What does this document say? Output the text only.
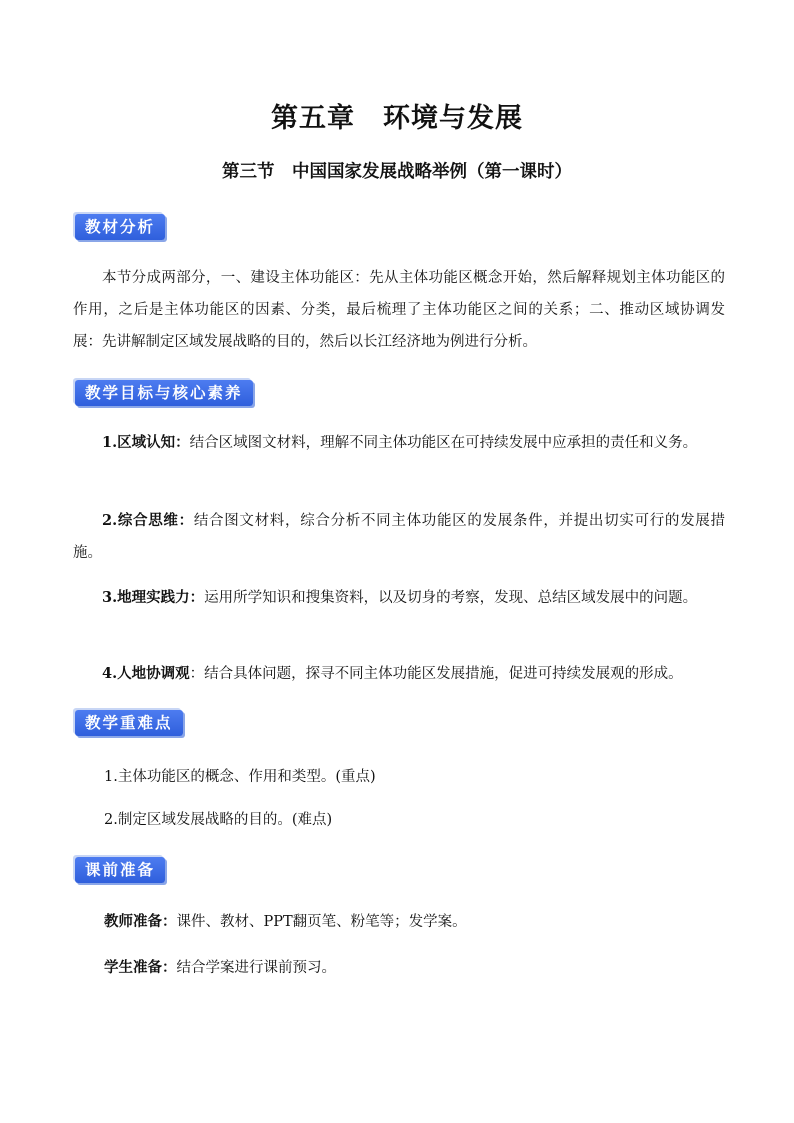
第五章　环境与发展
第三节　中国国家发展战略举例（第一课时）
教材分析
本节分成两部分，一、建设主体功能区：先从主体功能区概念开始，然后解释规划主体功能区的作用，之后是主体功能区的因素、分类，最后梳理了主体功能区之间的关系；二、推动区域协调发展：先讲解制定区域发展战略的目的，然后以长江经济地为例进行分析。
教学目标与核心素养
1.区域认知：结合区域图文材料，理解不同主体功能区在可持续发展中应承担的责任和义务。
2.综合思维：结合图文材料，综合分析不同主体功能区的发展条件，并提出切实可行的发展措施。
3.地理实践力：运用所学知识和搜集资料，以及切身的考察，发现、总结区域发展中的问题。
4.人地协调观：结合具体问题，探寻不同主体功能区发展措施，促进可持续发展观的形成。
教学重难点
1.主体功能区的概念、作用和类型。(重点)
2.制定区域发展战略的目的。(难点)
课前准备
教师准备：课件、教材、PPT翻页笔、粉笔等；发学案。
学生准备：结合学案进行课前预习。
